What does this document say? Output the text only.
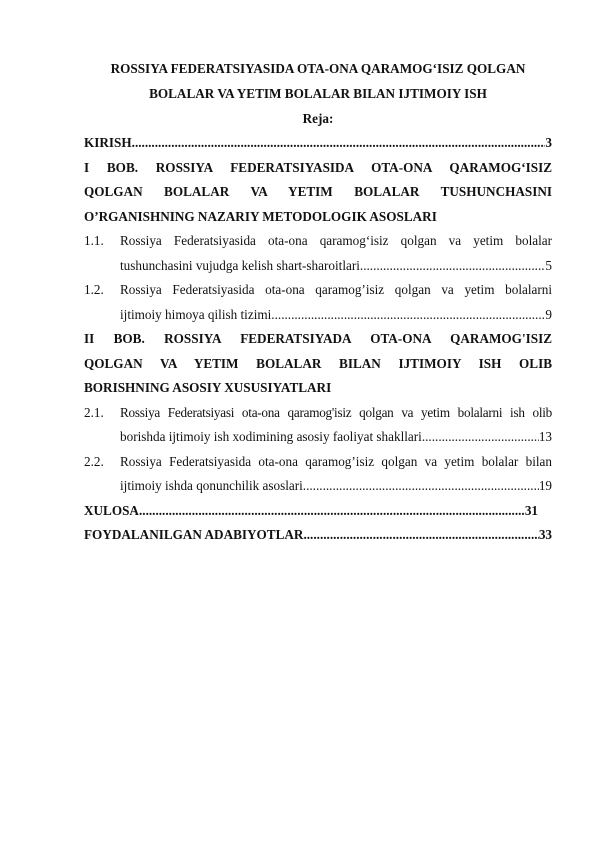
ROSSIYA FEDERATSIYASIDA OTA-ONA QARAMOG‘ISIZ QOLGAN

BOLALAR VA YETIM BOLALAR BILAN IJTIMOIY ISH

Reja:

KIRISH .....	3
I BOB. ROSSIYA FEDERATSIYASIDA OTA-ONA QARAMOG‘ISIZ
QOLGAN BOLALAR VA YETIM BOLALAR TUSHUNCHASINI
O’RGANISHNING NAZARIY METODOLOGIK ASOSLARI
1.1.	Rossiya Federatsiyasida ota-ona qaramog‘isiz qolgan va yetim bolalar
tushunchasini vujudga kelish shart-sharoitlari .....	5
1.2.	Rossiya Federatsiyasida ota-ona qaramog’isiz qolgan va yetim bolalarni
ijtimoiy himoya qilish tizimi .....	9
II BOB. ROSSIYA FEDERATSIYADA OTA-ONA QARAMOG'ISIZ
QOLGAN VA YETIM BOLALAR BILAN IJTIMOIY ISH OLIB
BORISHNING ASOSIY XUSUSIYATLARI
2.1.	Rossiya Federatsiyasi ota-ona qaramog'isiz qolgan va yetim bolalarni ish olib
borishda ijtimoiy ish xodimining asosiy faoliyat shakllari .....	13
2.2.	Rossiya Federatsiyasida ota-ona qaramog’isiz qolgan va yetim bolalar bilan
ijtimoiy ishda qonunchilik asoslari .....	19
XULOSA .....	31
FOYDALANILGAN ADABIYOTLAR .....	33
